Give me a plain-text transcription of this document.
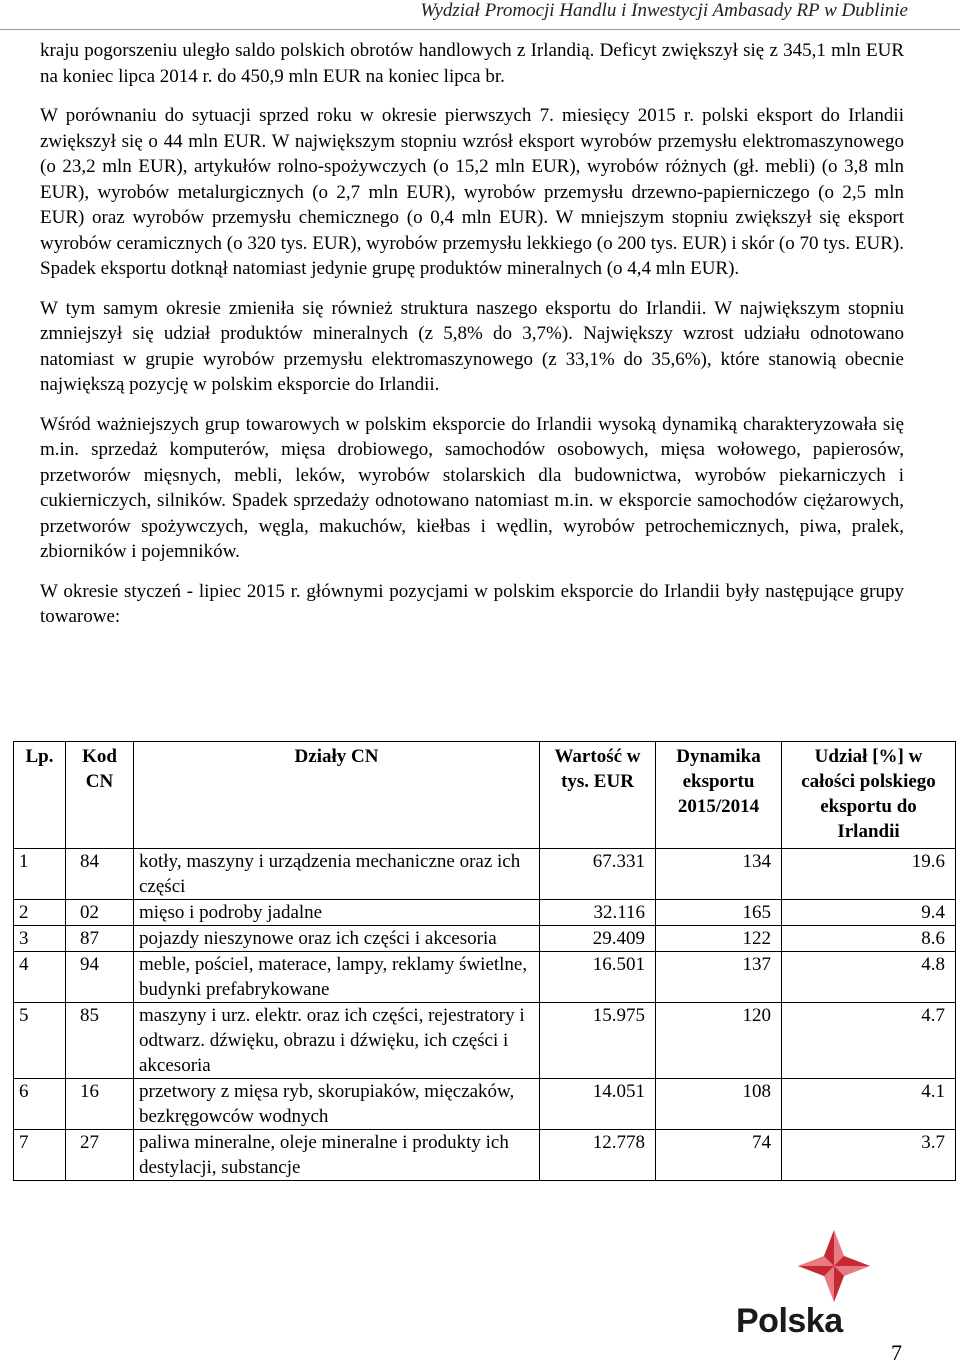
Wydział Promocji Handlu i Inwestycji Ambasady RP w Dublinie

kraju pogorszeniu uległo saldo polskich obrotów handlowych z Irlandią. Deficyt zwiększył się z 345,1 mln EUR na koniec lipca 2014 r. do 450,9 mln EUR na koniec lipca br.

W porównaniu do sytuacji sprzed roku w okresie pierwszych 7. miesięcy 2015 r. polski eksport do Irlandii zwiększył się o 44 mln EUR. W największym stopniu wzrósł eksport wyrobów przemysłu elektromaszynowego (o 23,2 mln EUR), artykułów rolno-spożywczych (o 15,2 mln EUR), wyrobów różnych (gł. mebli) (o 3,8 mln EUR), wyrobów metalurgicznych (o 2,7 mln EUR), wyrobów przemysłu drzewno-papierniczego (o 2,5 mln EUR) oraz wyrobów przemysłu chemicznego (o 0,4 mln EUR). W mniejszym stopniu zwiększył się eksport wyrobów ceramicznych (o 320 tys. EUR), wyrobów przemysłu lekkiego (o 200 tys. EUR) i skór (o 70 tys. EUR). Spadek eksportu dotknął natomiast jedynie grupę produktów mineralnych (o 4,4 mln EUR).

W tym samym okresie zmieniła się również struktura naszego eksportu do Irlandii. W największym stopniu zmniejszył się udział produktów mineralnych (z 5,8% do 3,7%). Największy wzrost udziału odnotowano natomiast w grupie wyrobów przemysłu elektromaszynowego (z 33,1% do 35,6%), które stanowią obecnie największą pozycję w polskim eksporcie do Irlandii.

Wśród ważniejszych grup towarowych w polskim eksporcie do Irlandii wysoką dynamiką charakteryzowała się m.in. sprzedaż komputerów, mięsa drobiowego, samochodów osobowych, mięsa wołowego, papierosów, przetworów mięsnych, mebli, leków, wyrobów stolarskich dla budownictwa, wyrobów piekarniczych i cukierniczych, silników. Spadek sprzedaży odnotowano natomiast m.in. w eksporcie samochodów ciężarowych, przetworów spożywczych, węgla, makuchów, kiełbas i wędlin, wyrobów petrochemicznych, piwa, pralek, zbiorników i pojemników.

W okresie styczeń - lipiec 2015 r. głównymi pozycjami w polskim eksporcie do Irlandii były następujące grupy towarowe:

Lp.	Kod CN	Działy CN	Wartość w tys. EUR	Dynamika eksportu 2015/2014	Udział [%] w całości polskiego eksportu do Irlandii
1	84	kotły, maszyny i urządzenia mechaniczne oraz ich części	67.331	134	19.6
2	02	mięso i podroby jadalne	32.116	165	9.4
3	87	pojazdy nieszynowe oraz ich części i akcesoria	29.409	122	8.6
4	94	meble, pościel, materace, lampy, reklamy świetlne, budynki prefabrykowane	16.501	137	4.8
5	85	maszyny i urz. elektr. oraz ich części, rejestratory i odtwarz. dźwięku, obrazu i dźwięku, ich części i akcesoria	15.975	120	4.7
6	16	przetwory z mięsa ryb, skorupiaków, mięczaków, bezkręgowców wodnych	14.051	108	4.1
7	27	paliwa mineralne, oleje mineralne i produkty ich destylacji, substancje	12.778	74	3.7
Polska
7
